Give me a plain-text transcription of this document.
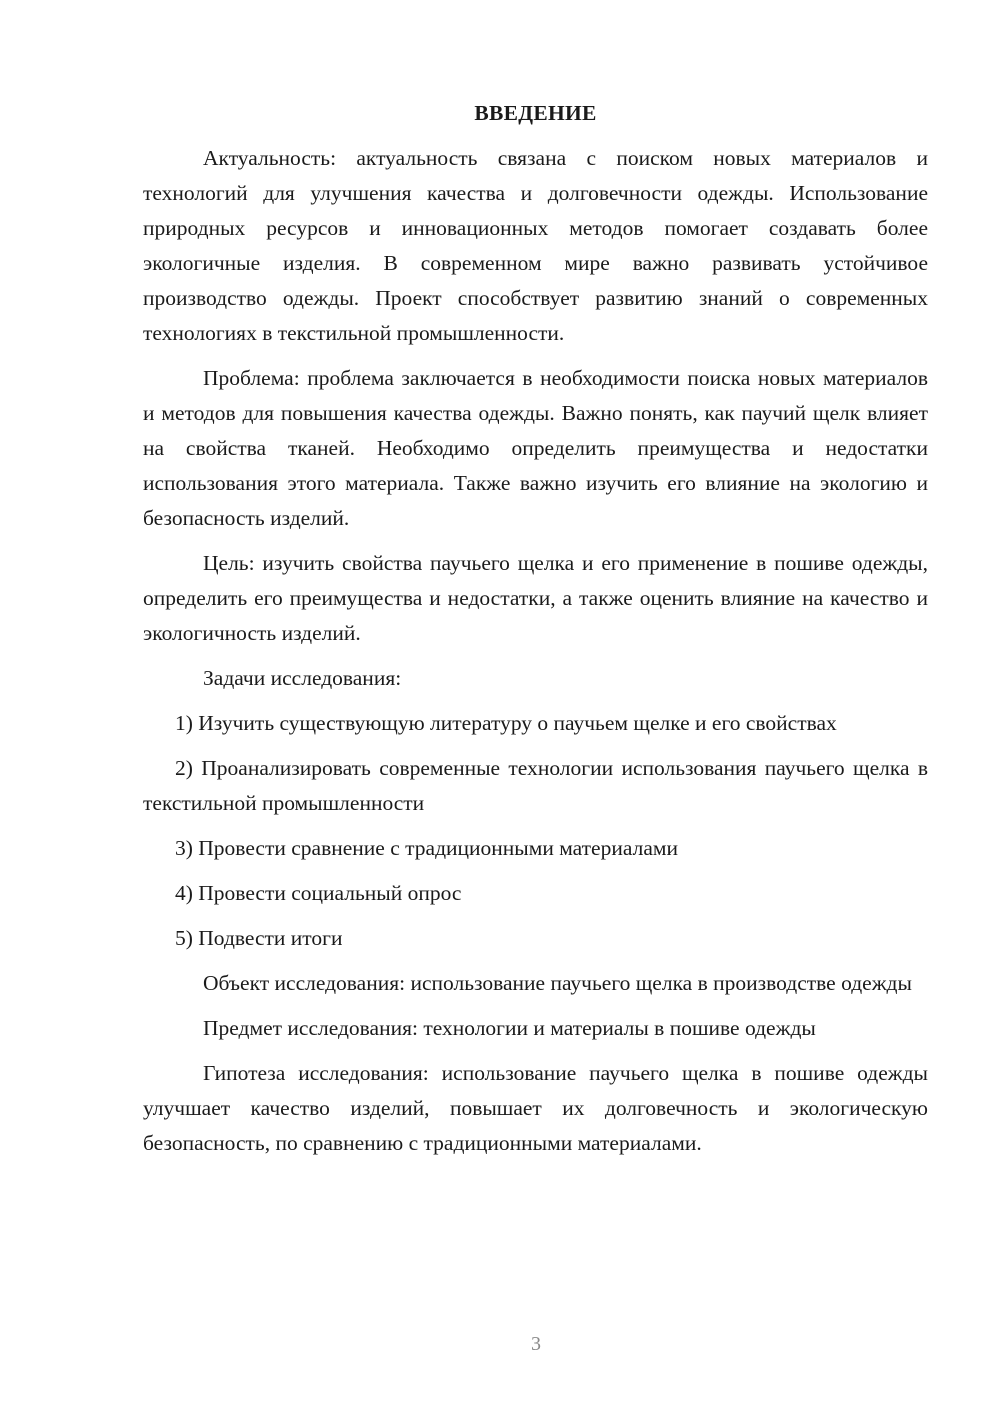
ВВЕДЕНИЕ

Актуальность: актуальность связана с поиском новых материалов и технологий для улучшения качества и долговечности одежды. Использование природных ресурсов и инновационных методов помогает создавать более экологичные изделия. В современном мире важно развивать устойчивое производство одежды. Проект способствует развитию знаний о современных технологиях в текстильной промышленности.

Проблема: проблема заключается в необходимости поиска новых материалов и методов для повышения качества одежды. Важно понять, как паучий щелк влияет на свойства тканей. Необходимо определить преимущества и недостатки использования этого материала. Также важно изучить его влияние на экологию и безопасность изделий.

Цель: изучить свойства паучьего щелка и его применение в пошиве одежды, определить его преимущества и недостатки, а также оценить влияние на качество и экологичность изделий.

Задачи исследования:

1) Изучить существующую литературу о паучьем щелке и его свойствах

2) Проанализировать современные технологии использования паучьего щелка в текстильной промышленности

3) Провести сравнение с традиционными материалами

4) Провести социальный опрос

5) Подвести итоги

Объект исследования: использование паучьего щелка в производстве одежды

Предмет исследования: технологии и материалы в пошиве одежды

Гипотеза исследования: использование паучьего щелка в пошиве одежды улучшает качество изделий, повышает их долговечность и экологическую безопасность, по сравнению с традиционными материалами.

3
